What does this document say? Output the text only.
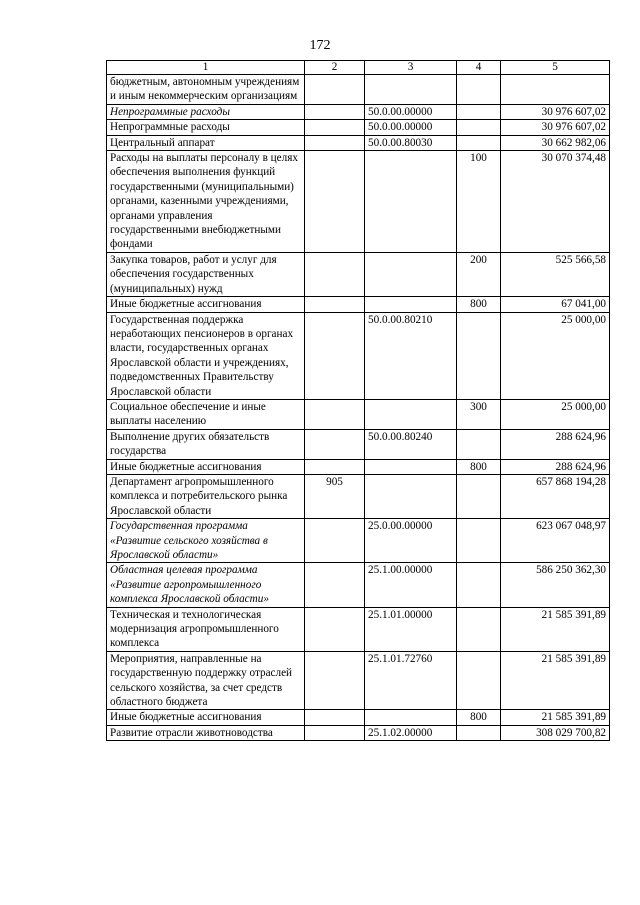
172
1	2	3	4	5
бюджетным, автономным учреждениям и иным некоммерческим организациям				
Непрограммные расходы		50.0.00.00000		30 976 607,02
Непрограммные расходы		50.0.00.00000		30 976 607,02
Центральный аппарат		50.0.00.80030		30 662 982,06
Расходы на выплаты персоналу в целях обеспечения выполнения функций государственными (муниципальными) органами, казенными учреждениями, органами управления государственными внебюджетными фондами			100	30 070 374,48
Закупка товаров, работ и услуг для обеспечения государственных (муниципальных) нужд			200	525 566,58
Иные бюджетные ассигнования			800	67 041,00
Государственная поддержка неработающих пенсионеров в органах власти, государственных органах Ярославской области и учреждениях, подведомственных Правительству Ярославской области		50.0.00.80210		25 000,00
Социальное обеспечение и иные выплаты населению			300	25 000,00
Выполнение других обязательств государства		50.0.00.80240		288 624,96
Иные бюджетные ассигнования			800	288 624,96
Департамент агропромышленного комплекса и потребительского рынка Ярославской области	905			657 868 194,28
Государственная программа «Развитие сельского хозяйства в Ярославской области»		25.0.00.00000		623 067 048,97
Областная целевая программа «Развитие агропромышленного комплекса Ярославской области»		25.1.00.00000		586 250 362,30
Техническая и технологическая модернизация агропромышленного комплекса		25.1.01.00000		21 585 391,89
Мероприятия, направленные на государственную поддержку отраслей сельского хозяйства, за счет средств областного бюджета		25.1.01.72760		21 585 391,89
Иные бюджетные ассигнования			800	21 585 391,89
Развитие отрасли животноводства		25.1.02.00000		308 029 700,82
